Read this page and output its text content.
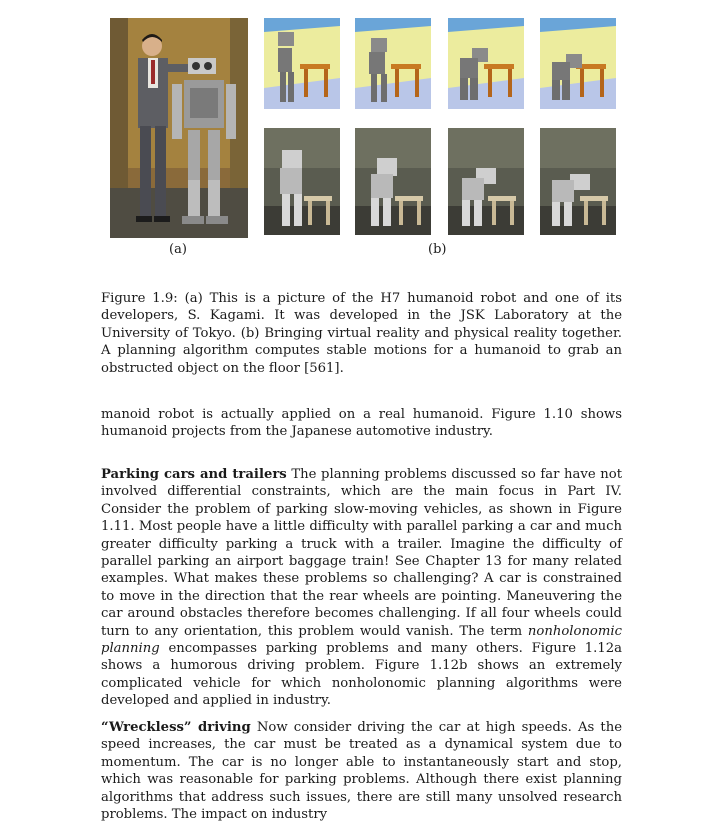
(a)	(b)

Figure 1.9: (a) This is a picture of the H7 humanoid robot and one of its developers, S. Kagami. It was developed in the JSK Laboratory at the University of Tokyo. (b) Bringing virtual reality and physical reality together. A planning algorithm computes stable motions for a humanoid to grab an obstructed object on the floor [561].

manoid robot is actually applied on a real humanoid. Figure 1.10 shows humanoid projects from the Japanese automotive industry.

Parking cars and trailers The planning problems discussed so far have not involved differential constraints, which are the main focus in Part IV. Consider the problem of parking slow-moving vehicles, as shown in Figure 1.11. Most people have a little difficulty with parallel parking a car and much greater difficulty parking a truck with a trailer. Imagine the difficulty of parallel parking an airport baggage train! See Chapter 13 for many related examples. What makes these problems so challenging? A car is constrained to move in the direction that the rear wheels are pointing. Maneuvering the car around obstacles therefore becomes challenging. If all four wheels could turn to any orientation, this problem would vanish. The term nonholonomic planning encompasses parking problems and many others. Figure 1.12a shows a humorous driving problem. Figure 1.12b shows an extremely complicated vehicle for which nonholonomic planning algorithms were developed and applied in industry.

“Wreckless” driving Now consider driving the car at high speeds. As the speed increases, the car must be treated as a dynamical system due to momentum. The car is no longer able to instantaneously start and stop, which was reasonable for parking problems. Although there exist planning algorithms that address such issues, there are still many unsolved research problems. The impact on industry
